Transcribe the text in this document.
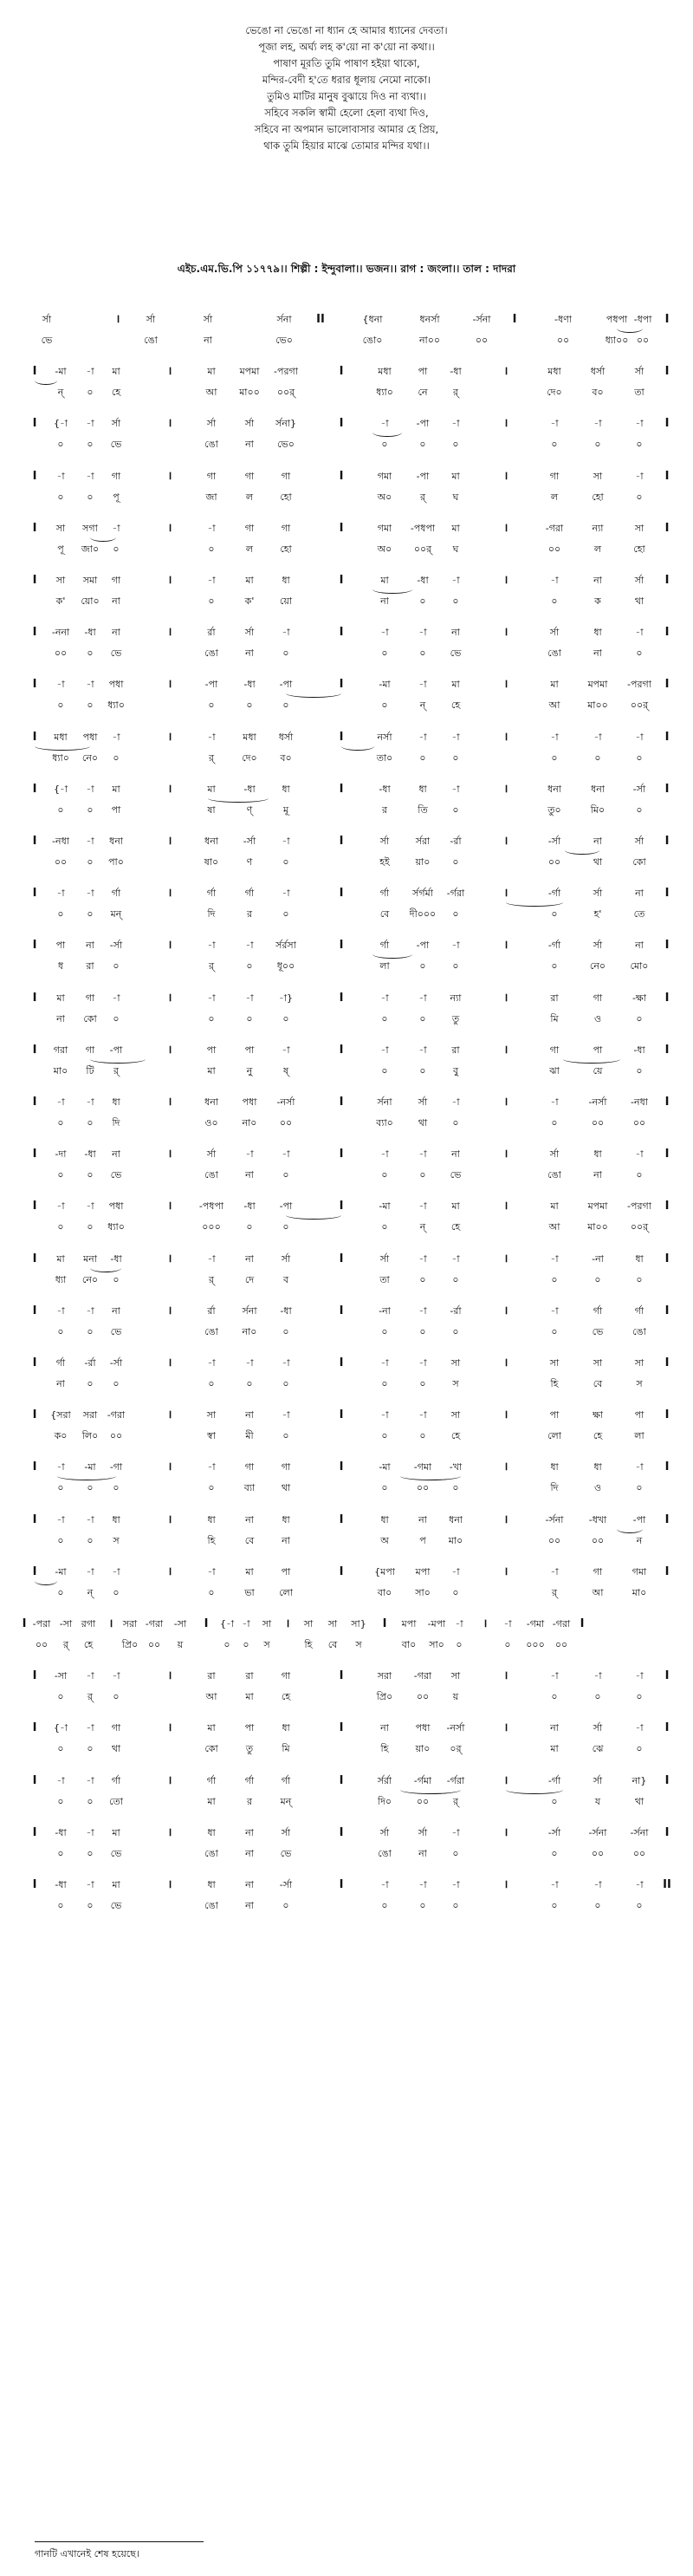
ভেঙো না ভেঙো না ধ্যান হে আমার ধ্যানের দেবতা।
পূজা লহ, অর্ঘ্য লহ ক'য়ো না ক'য়ো না কথা।।
পাষাণ মূরতি তুমি পাষাণ হইয়া থাকো,
মন্দির-বেদী হ'তে ধরার ধূলায় নেমো নাকো।
তুমিও মাটির মানুষ বুঝায়ে দিও না ব্যথা।।
সহিবে সকলি স্বামী হেলো হেলা ব্যথা দিও,
সহিবে না অপমান ভালোবাসার আমার হে প্রিয়,
থাক তুমি হিয়ার মাঝে তোমার মন্দির যথা।।
এইচ.এম.ভি.পি ১১৭৭৯।। শিল্পী : ইন্দুবালা।। ভজন।। রাগ : জংলা।। তাল : দাদরা
র্সা	।	র্সা	র্সা	র্সনা II	{ধনা	ধনর্সা	-র্সনা I	-ধণা	পধপা -ধপা I
ভে	ঙো	না	ভে০	ঙো০	না০০	০০	০০	ধ্যা০০ ০০
I -মা -া মা	।	মা	মপমা -পরগা	I	মধা	পা -ধা	।	মধা	ধর্সা	র্সা I
ন্ ০ হে	আ মা০০ ০০র্	ধ্যা০	নে	র্	দে০	ব০	তা
I {-া -া র্সা	।	র্সা	র্সা র্সনা}	I	-া	-পা -া	।	-া	-া	-া I
০ ০ ভে	ঙো	না ভে০	০	০	০	০	০	০
I -া -া গা	।	গা	গা	গা	I	গমা	-পা মা	।	গা	সা	-া I
০ ০ পূ	জা	ল	হো	অ০	র্	ঘ	ল	হো	০
I সা সগা -া	।	-া	গা	গা	I	গমা -পধপা মা	।	-গরা	ন্যা	সা I
পূ জা০ ০	০	ল	হো	অ০ ০০র্ ঘ	০০	ল	হো
I সা সমা গা	।	-া	মা	ধা	I	মা	-ধা -া	।	-া	না	র্সা I
ক' য়ো০ না	০	ক'	য়ো	না	০	০	০	ক	থা
I -ননা -ধা না	।	র্রা	র্সা	-া	I	-া	-া	না	।	র্সা	ধা	-া I
০০ ০ ভে	ঙো	না	০	০	০	ভে	ঙো	না	০
I -া -া পধা	।	-পা	-ধা	-পা	I	-মা	-া	মা	।	মা	মপমা -পরগা I
০ ০ ধ্যা০	০	০	০	০	ন্	হে	আ	মা০০ ০০র্
I মধা পধা -া	।	-া	মধা ধর্সা	I	নর্সা	-া	-া	।	-া	-া	-া I
ধ্যা০ নে০ ০	র্	দে০ ব০	তা০	০	০	০	০	০
I {-া -া মা	।	মা	-ধা	ধা	I	-ধা	ধা	-া	।	ধনা	ধনা	-র্সা I
০ ০ পা	ষা	ণ্	মূ	র	তি	০	তু০	মি০	০
I -নধা -া ধনা	।	ধনা	-র্সা	-া	I	র্সা	র্সরা -র্রা	।	-র্সা	না	র্সা I
০০ ০ পা০	ষা০	ণ	০	হই	য়া০ ০	০০	থা	কো
I -া -া র্গা	।	র্গা	র্গা	-া	I	র্গা র্সর্গর্মা -র্গরা	।	-র্গা	র্সা	না I
০ ০ মন্	দি	র	০	বে দী০০০ ০	০	হ'	তে
I পা না -র্সা	।	-া	-া র্সর্রসা	I	র্গা	-পা -া	।	-র্গা	র্সা	না I
ধ রা ০	র্	০	ধূ০০	লা	০	০	০	নে০	মো০
I মা গা -া	।	-া	-া	-া}	I	-া	-া ন্যা	।	রা	গা	-ক্ষা I
না কো ০	০	০	০	০	০	তু	মি	ও	০
I গরা গা -পা	।	পা	পা	-া	I	-া	-া	রা	।	গা	পা	-ধা I
মা০ টি র্	মা	নু	ষ্	০	০	বু	ঝা	য়ে	০
I -া -া ধা	।	ধনা	পধা -নর্সা	I	র্সনা	র্সা	-া	।	-া	-নর্সা	-নধা I
০ ০ দি	ও০	না০ ০০	ব্যা০	থা	০	০	০০	০০
I -দা -ধা না	।	র্সা	-া	-া	I	-া	-া	না	।	র্সা	ধা	-া I
০ ০ ভে	ঙো	না	০	০	০	ভে	ঙো	না	০
I -া -া পধা	।	-পধপা -ধা	-পা	I	-মা	-া	মা	।	মা	মপমা -পরগা I
০ ০ ধ্যা০	০০০	০	০	০	ন্	হে	আ	মা০০ ০০র্
I মা মনা -ধা	।	-া	না	র্সা	I	র্সা	-া	-া	।	-া	-না	ধা I
ধ্যা নে০ ০	র্	দে	ব	তা	০	০	০	০	০
I -া -া না	।	র্রা	র্সনা -ধা	I	-না	-া -র্রা	।	-া	র্গা	র্গা I
০ ০ ভে	ঙো	না০	০	০	০	০	০	ভে	ঙো
I র্গা -র্রা -র্সা	।	-া	-া	-া	I	-া	-া	সা	।	সা	সা	সা I
না ০ ০	০	০	০	০	০	স	হি	বে	স
I {সরা সরা -গরা	।	সা	না	-া	I	-া	-া	সা	।	পা	ক্ষা	পা I
ক০ লি০ ০০	স্বা	মী	০	০	০	হে	লো	হে	লা
I -া -মা -গা	।	-া	গা	গা	I	-মা -গমা -খা	।	ধা	ধা	-া I
০ ০ ০	০	ব্যা	থা	০	০০ ০	দি	ও	০
I -া -া ধা	।	ধা	না	ধা	I	ধা	না ধনা	।	-র্সনা	-ধখা	-পা I
০ ০ স	হি	বে	না	অ	প মা০	০০	০০	ন
I -মা -া -া	।	-া	মা	পা	I	{মপা মপা -া	।	-া	গা	গমা I
০ ন্ ০	০	ভা	লো	বা০ সা০ ০	র্	আ	মা০
I -পরা -সা রগা । সরা -গরা -সা I {-া -া সা । সা সা সা} I মপা -মপা -া । -া -গমা -গরা I
০০ র্ হে	প্রি০ ০০ য়	০ ০ স	হি বে স	বা০ সা০ ০	০ ০০০ ০০
I -সা -া -া	।	রা	রা	গা	I	সরা -গরা সা	।	-া	-া	-া I
০ র্ ০	আ	মা	হে	প্রি০	০০	য়	০	০	০
I {-া -া গা	।	মা	পা	ধা	I	না	পধা -নর্সা	।	না	র্সা	-া I
০ ০ থা	কো	তু	মি	হি	য়া০ ০র্	মা	ঝে	০
I -া -া র্গা	।	র্গা	র্গা	র্গা	I	র্সর্রা -র্গমা -র্গরা	।	-র্গা	র্সা	না} I
০ ০ তো	মা	র	মন্	দি০	০০	র্	০	য	থা
I -ধা -া মা	।	ধা	না	র্সা	I	র্সা	র্সা	-া	।	-র্সা	-র্সনা -র্সনা I
০ ০ ভে	ঙো	না	ভে	ঙো	না	০	০	০০	০০
I -ধা -া মা	।	ধা	না	-র্সা	I	-া	-া	-া	।	-া	-া	-া II
০ ০ ভে	ঙো	না	০	০	০	০	০	০	০
গানটি এখানেই শেষ হয়েছে।
